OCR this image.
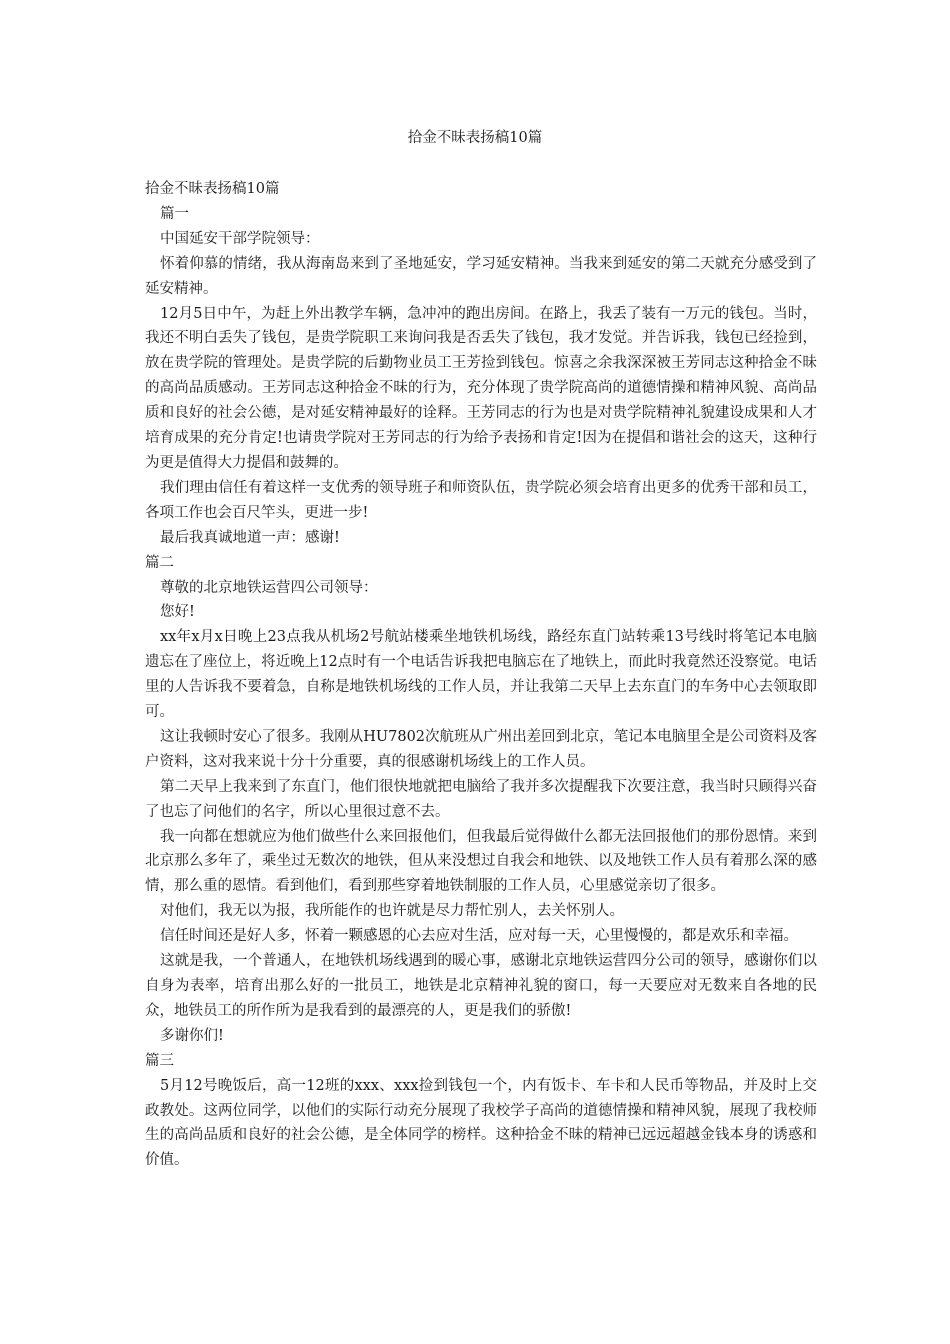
拾金不昧表扬稿10篇

拾金不昧表扬稿10篇

篇一

中国延安干部学院领导：

怀着仰慕的情绪，我从海南岛来到了圣地延安，学习延安精神。当我来到延安的第二天就充分感受到了延安精神。

12月5日中午，为赶上外出教学车辆，急冲冲的跑出房间。在路上，我丢了装有一万元的钱包。当时，我还不明白丢失了钱包，是贵学院职工来询问我是否丢失了钱包，我才发觉。并告诉我，钱包已经捡到，放在贵学院的管理处。是贵学院的后勤物业员工王芳捡到钱包。惊喜之余我深深被王芳同志这种拾金不昧的高尚品质感动。王芳同志这种拾金不昧的行为，充分体现了贵学院高尚的道德情操和精神风貌、高尚品质和良好的社会公德，是对延安精神最好的诠释。王芳同志的行为也是对贵学院精神礼貌建设成果和人才培育成果的充分肯定!也请贵学院对王芳同志的行为给予表扬和肯定!因为在提倡和谐社会的这天，这种行为更是值得大力提倡和鼓舞的。

我们理由信任有着这样一支优秀的领导班子和师资队伍，贵学院必须会培育出更多的优秀干部和员工，各项工作也会百尺竿头，更进一步!

最后我真诚地道一声：感谢!

篇二

尊敬的北京地铁运营四公司领导：

您好!

xx年x月x日晚上23点我从机场2号航站楼乘坐地铁机场线，路经东直门站转乘13号线时将笔记本电脑遗忘在了座位上，将近晚上12点时有一个电话告诉我把电脑忘在了地铁上，而此时我竟然还没察觉。电话里的人告诉我不要着急，自称是地铁机场线的工作人员，并让我第二天早上去东直门的车务中心去领取即可。

这让我顿时安心了很多。我刚从HU7802次航班从广州出差回到北京，笔记本电脑里全是公司资料及客户资料，这对我来说十分十分重要，真的很感谢机场线上的工作人员。

第二天早上我来到了东直门，他们很快地就把电脑给了我并多次提醒我下次要注意，我当时只顾得兴奋了也忘了问他们的名字，所以心里很过意不去。

我一向都在想就应为他们做些什么来回报他们，但我最后觉得做什么都无法回报他们的那份恩情。来到北京那么多年了，乘坐过无数次的地铁，但从来没想过自我会和地铁、以及地铁工作人员有着那么深的感情，那么重的恩情。看到他们，看到那些穿着地铁制服的工作人员，心里感觉亲切了很多。

对他们，我无以为报，我所能作的也许就是尽力帮忙别人，去关怀别人。

信任时间还是好人多，怀着一颗感恩的心去应对生活，应对每一天，心里慢慢的，都是欢乐和幸福。

这就是我，一个普通人，在地铁机场线遇到的暖心事，感谢北京地铁运营四分公司的领导，感谢你们以自身为表率，培育出那么好的一批员工，地铁是北京精神礼貌的窗口，每一天要应对无数来自各地的民众，地铁员工的所作所为是我看到的最漂亮的人，更是我们的骄傲!

多谢你们!

篇三

5月12号晚饭后，高一12班的xxx、xxx捡到钱包一个，内有饭卡、车卡和人民币等物品，并及时上交政教处。这两位同学，以他们的实际行动充分展现了我校学子高尚的道德情操和精神风貌，展现了我校师生的高尚品质和良好的社会公德，是全体同学的榜样。这种拾金不昧的精神已远远超越金钱本身的诱惑和价值。
